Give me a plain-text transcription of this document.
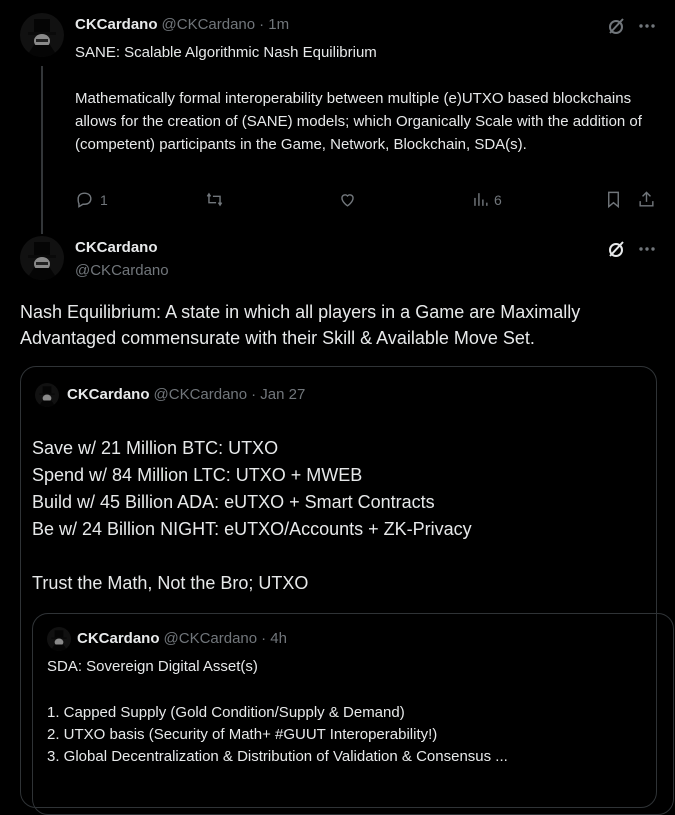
CKCardano @CKCardano · 1m
SANE: Scalable Algorithmic Nash Equilibrium

Mathematically formal interoperability between multiple (e)UTXO based blockchains allows for the creation of (SANE) models; which Organically Scale with the addition of (competent) participants in the Game, Network, Blockchain, SDA(s).
1	6
CKCardano
@CKCardano
Nash Equilibrium: A state in which all players in a Game are Maximally Advantaged commensurate with their Skill & Available Move Set.
CKCardano @CKCardano · Jan 27
Save w/ 21 Million BTC: UTXO
Spend w/ 84 Million LTC: UTXO + MWEB
Build w/ 45 Billion ADA: eUTXO + Smart Contracts
Be w/ 24 Billion NIGHT: eUTXO/Accounts + ZK-Privacy
Trust the Math, Not the Bro; UTXO
CKCardano @CKCardano · 4h
SDA: Sovereign Digital Asset(s)
1. Capped Supply (Gold Condition/Supply & Demand)
2. UTXO basis (Security of Math+ #GUUT Interoperability!)
3. Global Decentralization & Distribution of Validation & Consensus ...
